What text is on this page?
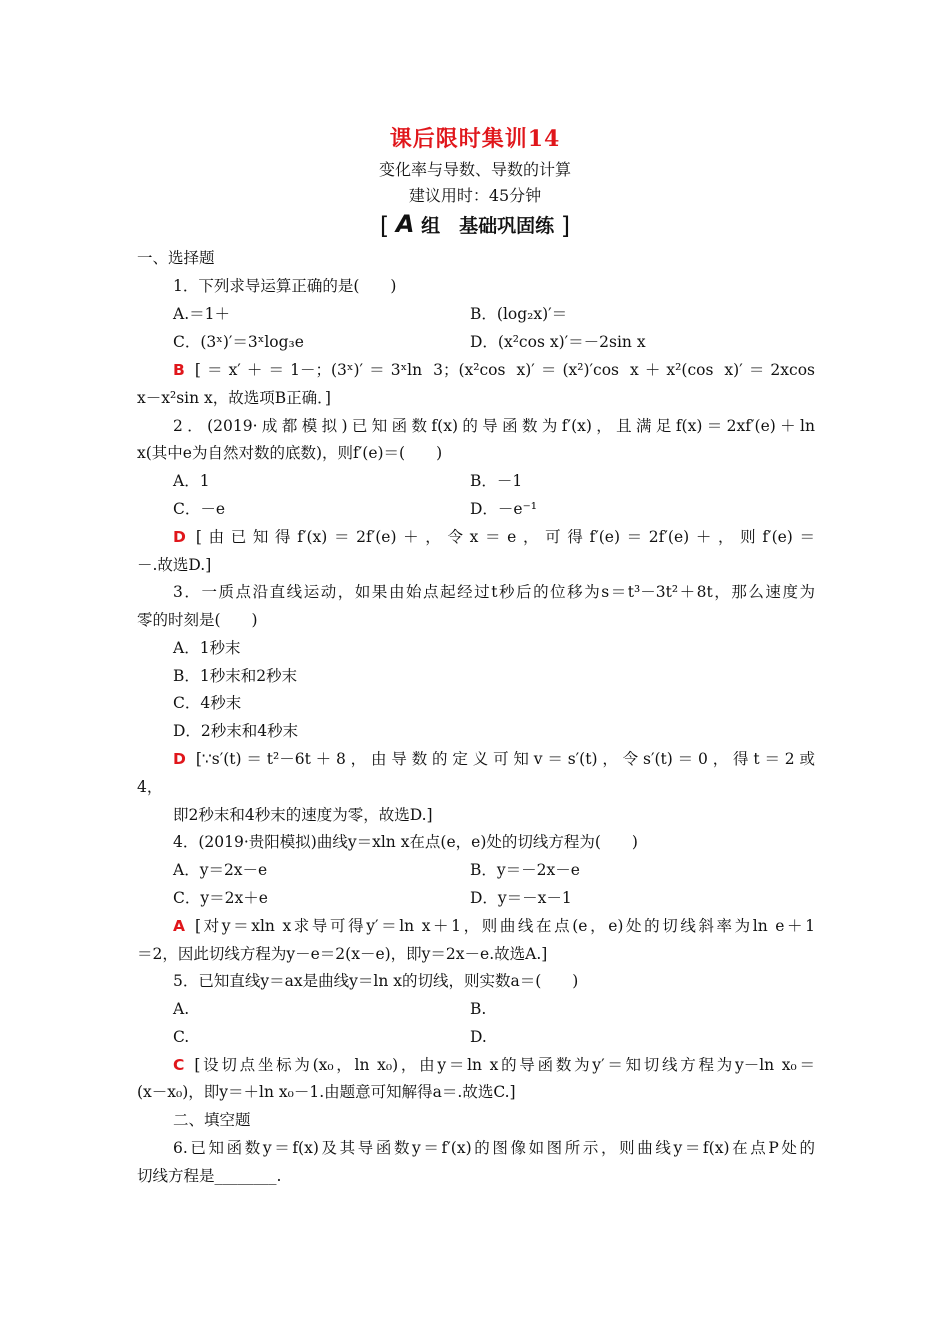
课后限时集训14
变化率与导数、导数的计算
建议用时：45分钟
[ A 组　基础巩固练 ]
一、选择题
1．下列求导运算正确的是(　　)
A.＝1＋	B．(log₂x)′＝
C．(3ˣ)′＝3ˣlog₃e	D．(x²cos x)′＝－2sin x
B [＝x′＋＝1－；(3ˣ)′＝3ˣln 3；(x²cos x)′＝(x²)′cos x＋x²(cos x)′＝2xcos
x－x²sin x，故选项B正确．]
2．(2019·成都模拟)已知函数f(x)的导函数为f′(x)，且满足f(x)＝2xf′(e)＋ln
x(其中e为自然对数的底数)，则f′(e)＝(　　)
A．1	B．－1
C．－e	D．－e⁻¹
D [由已知得f′(x)＝2f′(e)＋，令x＝e，可得f′(e)＝2f′(e)＋，则f′(e)＝
－.故选D.]
3．一质点沿直线运动，如果由始点起经过t秒后的位移为s＝t³－3t²＋8t，那么速度为
零的时刻是(　　)
A．1秒末
B．1秒末和2秒末
C．4秒末
D．2秒末和4秒末
D [∵s′(t)＝t²－6t＋8，由导数的定义可知v＝s′(t)，令s′(t)＝0，得t＝2或
4，
即2秒末和4秒末的速度为零，故选D.]
4．(2019·贵阳模拟)曲线y＝xln x在点(e，e)处的切线方程为(　　)
A．y＝2x－e	B．y＝－2x－e
C．y＝2x＋e	D．y＝－x－1
A [对y＝xln x求导可得y′＝ln x＋1，则曲线在点(e，e)处的切线斜率为ln e＋1
＝2，因此切线方程为y－e＝2(x－e)，即y＝2x－e.故选A.]
5．已知直线y＝ax是曲线y＝ln x的切线，则实数a＝(　　)
A.	B.
C.	D.
C [设切点坐标为(x₀，ln x₀)，由y＝ln x的导函数为y′＝知切线方程为y－ln x₀＝
(x－x₀)，即y＝＋ln x₀－1.由题意可知解得a＝.故选C.]
二、填空题
6.已知函数y＝f(x)及其导函数y＝f′(x)的图像如图所示，则曲线y＝f(x)在点P处的
切线方程是________.
